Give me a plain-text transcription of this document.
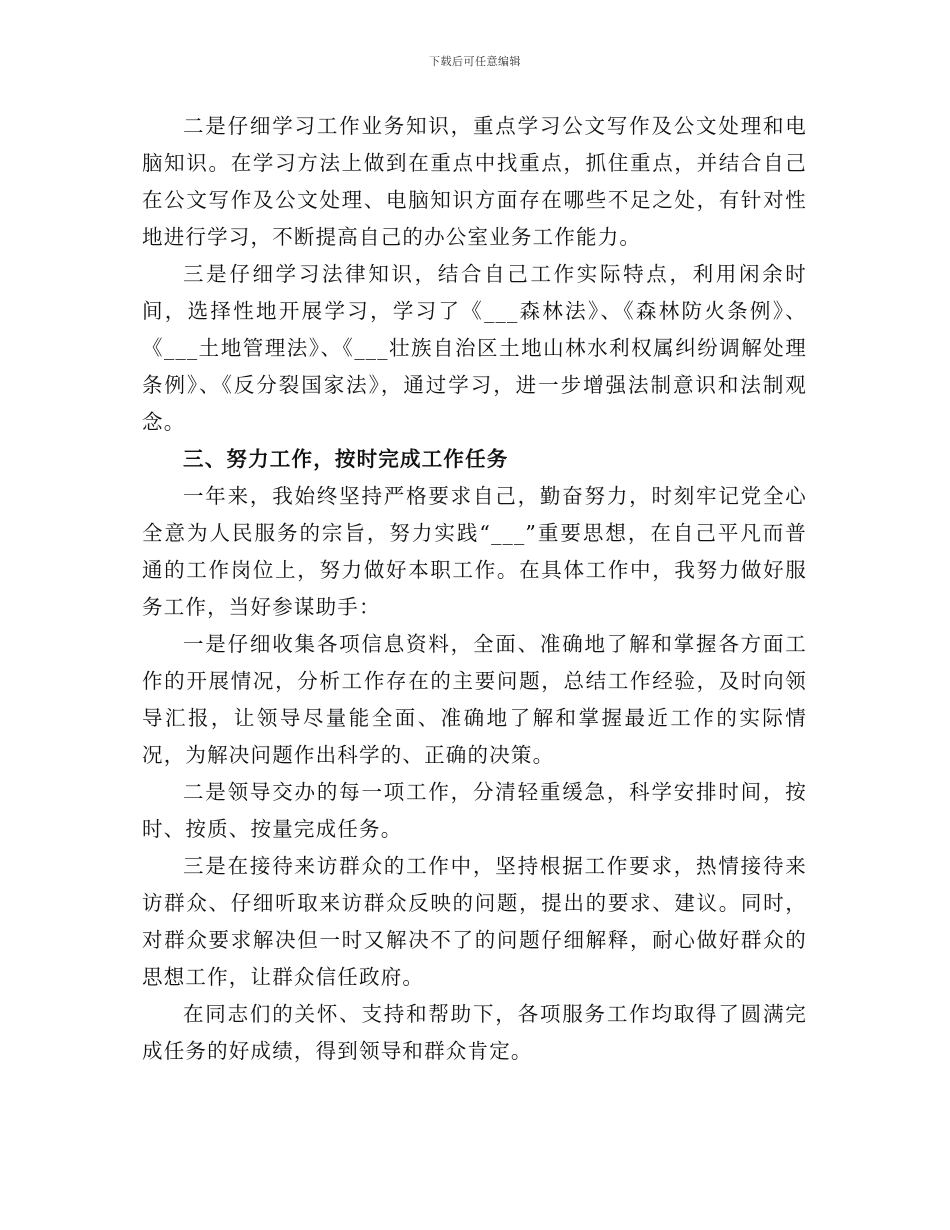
下载后可任意编辑

二是仔细学习工作业务知识，重点学习公文写作及公文处理和电脑知识。在学习方法上做到在重点中找重点，抓住重点，并结合自己在公文写作及公文处理、电脑知识方面存在哪些不足之处，有针对性地进行学习，不断提高自己的办公室业务工作能力。

三是仔细学习法律知识，结合自己工作实际特点，利用闲余时间，选择性地开展学习，学习了《___森林法》、《森林防火条例》、《___土地管理法》、《___壮族自治区土地山林水利权属纠纷调解处理条例》、《反分裂国家法》，通过学习，进一步增强法制意识和法制观念。

三、努力工作，按时完成工作任务

一年来，我始终坚持严格要求自己，勤奋努力，时刻牢记党全心全意为人民服务的宗旨，努力实践“___”重要思想，在自己平凡而普通的工作岗位上，努力做好本职工作。在具体工作中，我努力做好服务工作，当好参谋助手：

一是仔细收集各项信息资料，全面、准确地了解和掌握各方面工作的开展情况，分析工作存在的主要问题，总结工作经验，及时向领导汇报，让领导尽量能全面、准确地了解和掌握最近工作的实际情况，为解决问题作出科学的、正确的决策。

二是领导交办的每一项工作，分清轻重缓急，科学安排时间，按时、按质、按量完成任务。

三是在接待来访群众的工作中，坚持根据工作要求，热情接待来访群众、仔细听取来访群众反映的问题，提出的要求、建议。同时，对群众要求解决但一时又解决不了的问题仔细解释，耐心做好群众的思想工作，让群众信任政府。

在同志们的关怀、支持和帮助下，各项服务工作均取得了圆满完成任务的好成绩，得到领导和群众肯定。
